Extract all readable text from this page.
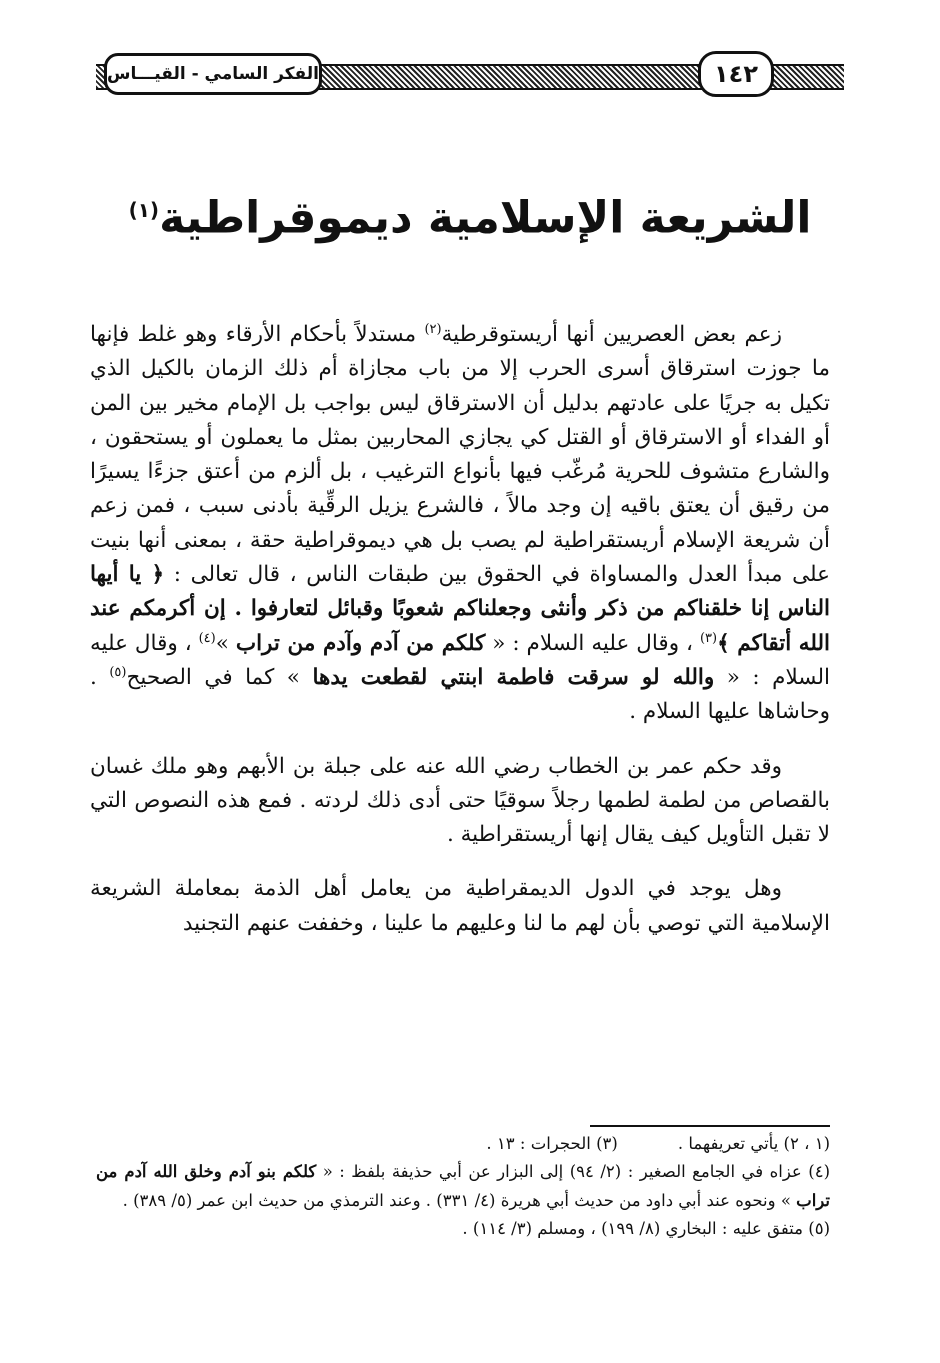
الفكر السامي - القيـــاس	١٤٢
الشريعة الإسلامية ديموقراطية$^{(١)}$

زعم بعض العصريين أنها أريستوقرطية$^{(٢)}$ مستدلاً بأحكام الأرقاء وهو غلط فإنها ما جوزت استرقاق أسرى الحرب إلا من باب مجازاة أم ذلك الزمان بالكيل الذي تكيل به جريًا على عادتهم بدليل أن الاسترقاق ليس بواجب بل الإمام مخير بين المن أو الفداء أو الاسترقاق أو القتل كي يجازي المحاربين بمثل ما يعملون أو يستحقون ، والشارع متشوف للحرية مُرغّب فيها بأنواع الترغيب ، بل ألزم من أعتق جزءًا يسيرًا من رقيق أن يعتق باقيه إن وجد مالاً ، فالشرع يزيل الرقِّية بأدنى سبب ، فمن زعم أن شريعة الإسلام أريستقراطية لم يصب بل هي ديموقراطية حقة ، بمعنى أنها بنيت على مبدأ العدل والمساواة في الحقوق بين طبقات الناس ، قال تعالى : ﴿ يا أيها الناس إنا خلقناكم من ذكر وأنثى وجعلناكم شعوبًا وقبائل لتعارفوا . إن أكرمكم عند الله أتقاكم ﴾$^{(٣)}$ ، وقال عليه السلام : « كلكم من آدم وآدم من تراب »$^{(٤)}$ ، وقال عليه السلام : « والله لو سرقت فاطمة ابنتي لقطعت يدها » كما في الصحيح$^{(٥)}$ . وحاشاها عليها السلام .

وقد حكم عمر بن الخطاب رضي الله عنه على جبلة بن الأبهم وهو ملك غسان بالقصاص من لطمة لطمها رجلاً سوقيًا حتى أدى ذلك لردته . فمع هذه النصوص التي لا تقبل التأويل كيف يقال إنها أريستقراطية .

وهل يوجد في الدول الديمقراطية من يعامل أهل الذمة بمعاملة الشريعة الإسلامية التي توصي بأن لهم ما لنا وعليهم ما علينا ، وخففت عنهم التجنيد

(١ ، ٢) يأتي تعريفهما .
(٣) الحجرات : ١٣ .

(٤) عزاه في الجامع الصغير : (٢/ ٩٤) إلى البزار عن أبي حذيفة بلفظ : « كلكم بنو آدم وخلق الله آدم من تراب » ونحوه عند أبي داود من حديث أبي هريرة (٤/ ٣٣١) . وعند الترمذي من حديث ابن عمر (٥/ ٣٨٩) .

(٥) متفق عليه : البخاري (٨/ ١٩٩) ، ومسلم (٣/ ١١٤) .
